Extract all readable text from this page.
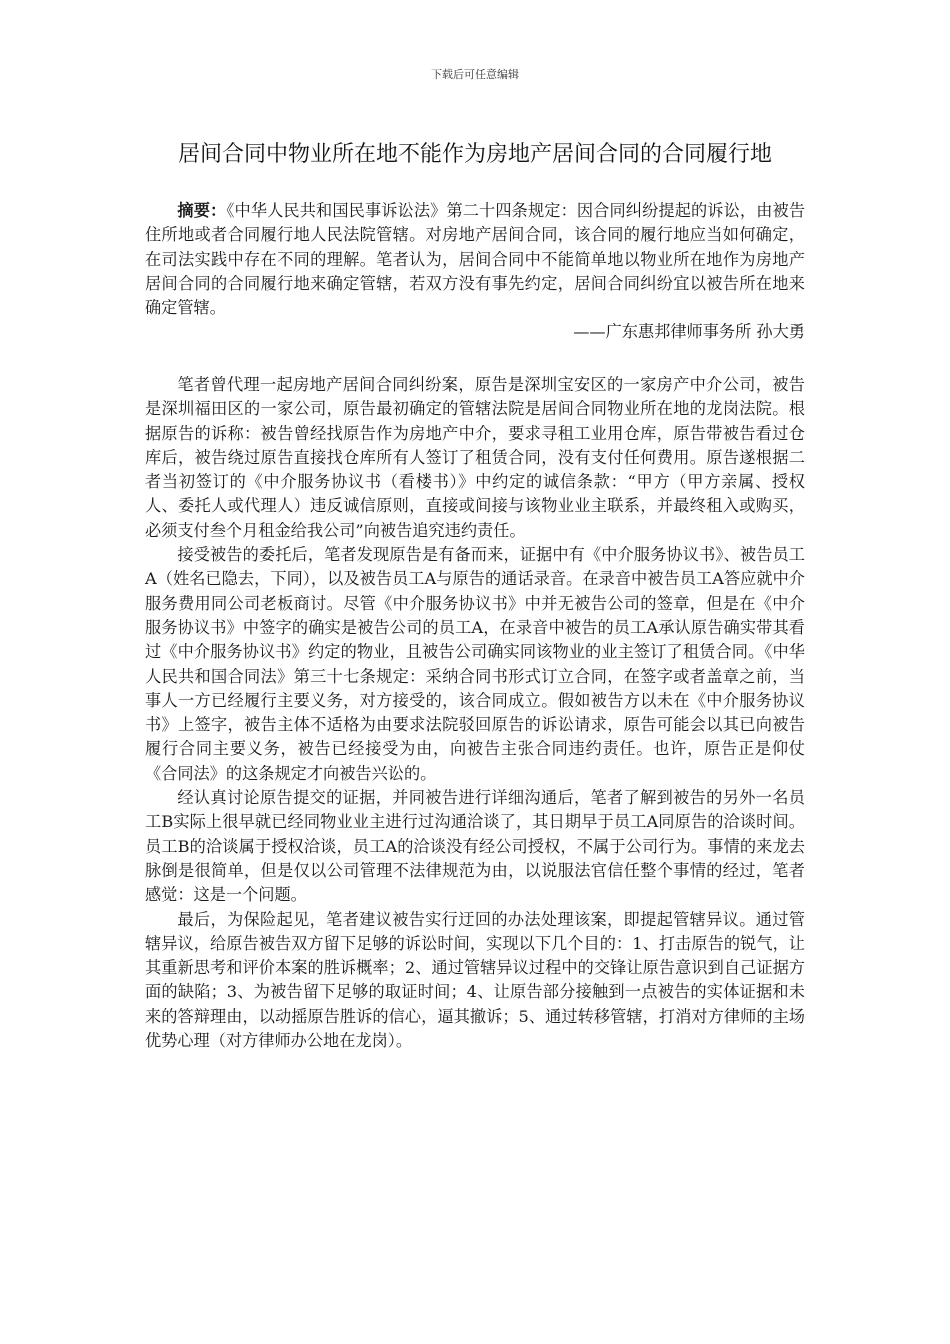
下载后可任意编辑
居间合同中物业所在地不能作为房地产居间合同的合同履行地

摘要：《中华人民共和国民事诉讼法》第二十四条规定：因合同纠纷提起的诉讼，由被告住所地或者合同履行地人民法院管辖。对房地产居间合同，该合同的履行地应当如何确定，在司法实践中存在不同的理解。笔者认为，居间合同中不能简单地以物业所在地作为房地产居间合同的合同履行地来确定管辖，若双方没有事先约定，居间合同纠纷宜以被告所在地来确定管辖。

——广东惠邦律师事务所 孙大勇

笔者曾代理一起房地产居间合同纠纷案，原告是深圳宝安区的一家房产中介公司，被告是深圳福田区的一家公司，原告最初确定的管辖法院是居间合同物业所在地的龙岗法院。根据原告的诉称：被告曾经找原告作为房地产中介，要求寻租工业用仓库，原告带被告看过仓库后，被告绕过原告直接找仓库所有人签订了租赁合同，没有支付任何费用。原告遂根据二者当初签订的《中介服务协议书（看楼书）》中约定的诚信条款：“甲方（甲方亲属、授权人、委托人或代理人）违反诚信原则，直接或间接与该物业业主联系，并最终租入或购买，必须支付叁个月租金给我公司”向被告追究违约责任。

接受被告的委托后，笔者发现原告是有备而来，证据中有《中介服务协议书》、被告员工A（姓名已隐去，下同），以及被告员工A与原告的通话录音。在录音中被告员工A答应就中介服务费用同公司老板商讨。尽管《中介服务协议书》中并无被告公司的签章，但是在《中介服务协议书》中签字的确实是被告公司的员工A，在录音中被告的员工A承认原告确实带其看过《中介服务协议书》约定的物业，且被告公司确实同该物业的业主签订了租赁合同。《中华人民共和国合同法》第三十七条规定：采纳合同书形式订立合同，在签字或者盖章之前，当事人一方已经履行主要义务，对方接受的，该合同成立。假如被告方以未在《中介服务协议书》上签字，被告主体不适格为由要求法院驳回原告的诉讼请求，原告可能会以其已向被告履行合同主要义务，被告已经接受为由，向被告主张合同违约责任。也许，原告正是仰仗《合同法》的这条规定才向被告兴讼的。

经认真讨论原告提交的证据，并同被告进行详细沟通后，笔者了解到被告的另外一名员工B实际上很早就已经同物业业主进行过沟通洽谈了，其日期早于员工A同原告的洽谈时间。员工B的洽谈属于授权洽谈，员工A的洽谈没有经公司授权，不属于公司行为。事情的来龙去脉倒是很简单，但是仅以公司管理不法律规范为由，以说服法官信任整个事情的经过，笔者感觉：这是一个问题。

最后，为保险起见，笔者建议被告实行迂回的办法处理该案，即提起管辖异议。通过管辖异议，给原告被告双方留下足够的诉讼时间，实现以下几个目的：1、打击原告的锐气，让其重新思考和评价本案的胜诉概率；2、通过管辖异议过程中的交锋让原告意识到自己证据方面的缺陷；3、为被告留下足够的取证时间；4、让原告部分接触到一点被告的实体证据和未来的答辩理由，以动摇原告胜诉的信心，逼其撤诉；5、通过转移管辖，打消对方律师的主场优势心理（对方律师办公地在龙岗）。
